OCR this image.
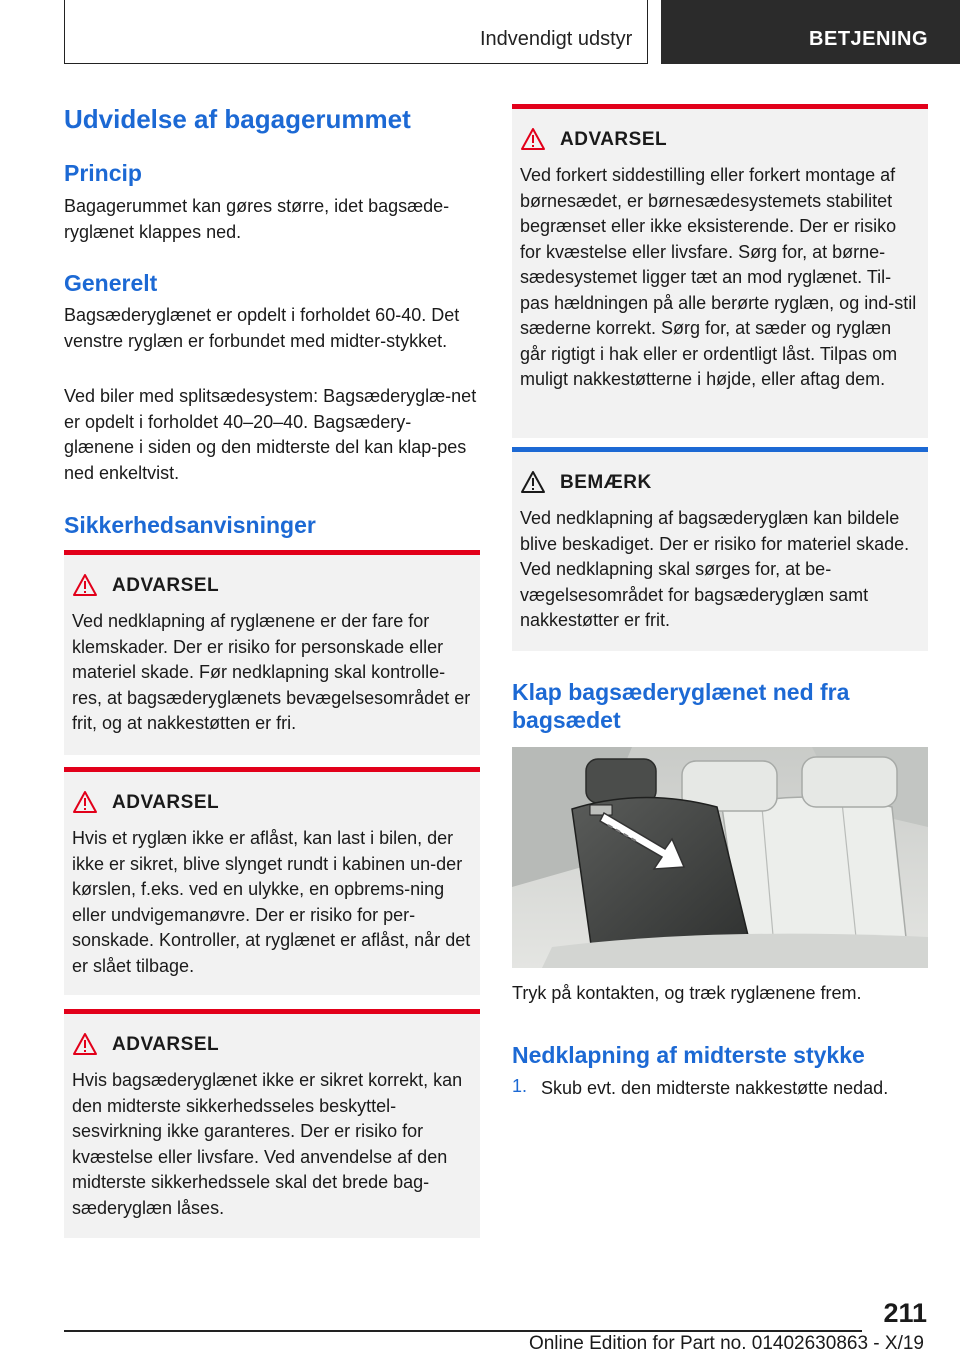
Indvendigt udstyr	BETJENING
Udvidelse af bagagerummet
Princip

Bagagerummet kan gøres større, idet bagsæde-ryglænet klappes ned.

Generelt

Bagsæderyglænet er opdelt i forholdet 60-40. Det venstre ryglæn er forbundet med midter-stykket.

Ved biler med splitsædesystem: Bagsæderyglæ-net er opdelt i forholdet 40–20–40. Bagsædery-glænene i siden og den midterste del kan klap-pes ned enkeltvist.

Sikkerhedsanvisninger
ADVARSEL

Ved nedklapning af ryglænene er der fare for klemskader. Der er risiko for personskade eller materiel skade. Før nedklapning skal kontrolle-res, at bagsæderyglænets bevægelsesområdet er frit, og at nakkestøtten er fri.

ADVARSEL

Hvis et ryglæn ikke er aflåst, kan last i bilen, der ikke er sikret, blive slynget rundt i kabinen un-der kørslen, f.eks. ved en ulykke, en opbrems-ning eller undvigemanøvre. Der er risiko for per-sonskade. Kontroller, at ryglænet er aflåst, når det er slået tilbage.

ADVARSEL

Hvis bagsæderyglænet ikke er sikret korrekt, kan den midterste sikkerhedsseles beskyttel-sesvirkning ikke garanteres. Der er risiko for kvæstelse eller livsfare. Ved anvendelse af den midterste sikkerhedssele skal det brede bag-sæderyglæn låses.

ADVARSEL

Ved forkert siddestilling eller forkert montage af børnesædet, er børnesædesystemets stabilitet begrænset eller ikke eksisterende. Der er risiko for kvæstelse eller livsfare. Sørg for, at børne-sædesystemet ligger tæt an mod ryglænet. Til-pas hældningen på alle berørte ryglæn, og ind-stil sæderne korrekt. Sørg for, at sæder og ryglæn går rigtigt i hak eller er ordentligt låst. Tilpas om muligt nakkestøtterne i højde, eller aftag dem.

BEMÆRK

Ved nedklapning af bagsæderyglæn kan bildele blive beskadiget. Der er risiko for materiel skade. Ved nedklapning skal sørges for, at be-vægelsesområdet for bagsæderyglæn samt nakkestøtter er frit.

Klap bagsæderyglænet ned fra bagsædet

Tryk på kontakten, og træk ryglænene frem.

Nedklapning af midterste stykke
1. Skub evt. den midterste nakkestøtte nedad.

211
Online Edition for Part no. 01402630863 - X/19
